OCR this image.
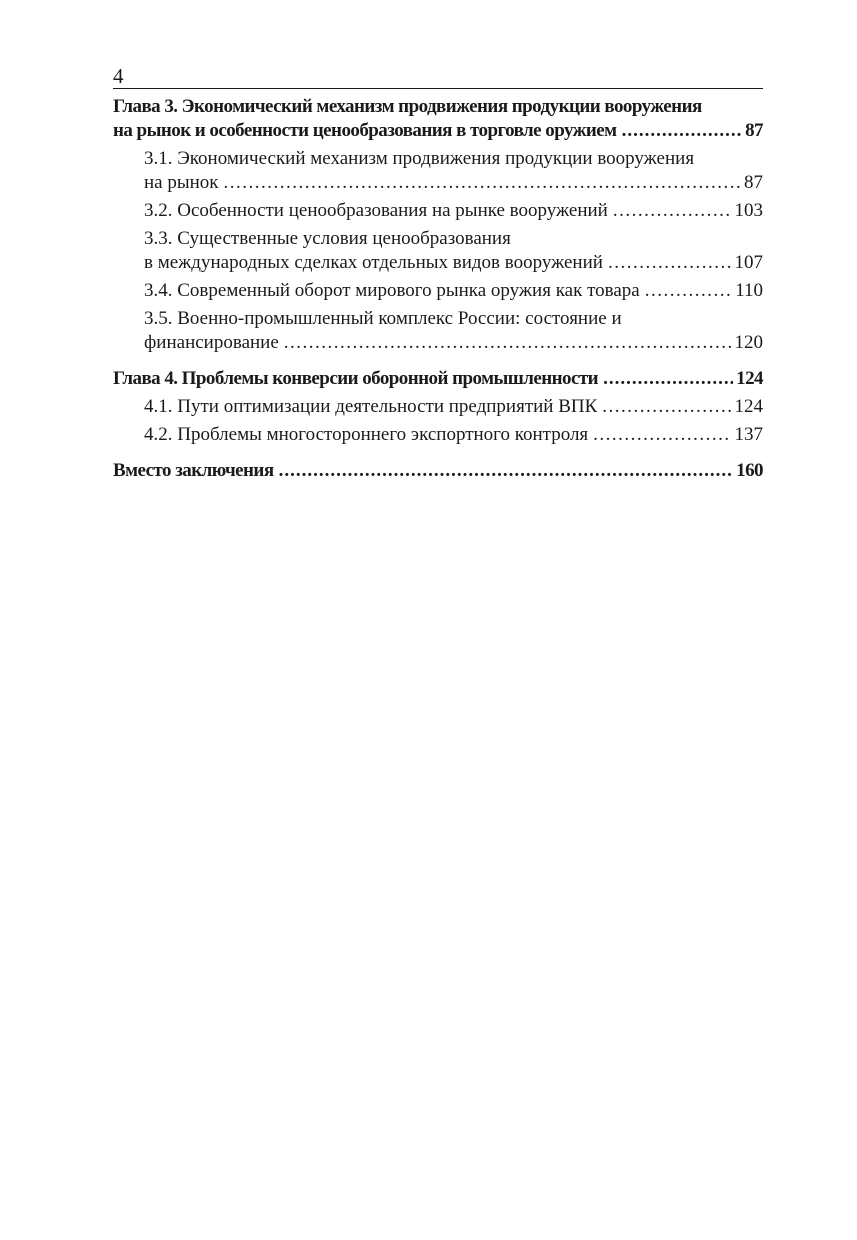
4
Глава 3. Экономический механизм продвижения продукции вооружения
на рынок и особенности ценообразования в торговле оружием .....	87
3.1. Экономический механизм продвижения продукции вооружения
на рынок .....	87
3.2. Особенности ценообразования на рынке вооружений .....	103
3.3. Существенные условия ценообразования
в международных сделках отдельных видов вооружений .....	107
3.4. Современный оборот мирового рынка оружия как товара .....	110
3.5. Военно-промышленный комплекс России: состояние и
финансирование .....	120
Глава 4. Проблемы конверсии оборонной промышленности .....	124
4.1. Пути оптимизации деятельности предприятий ВПК .....	124
4.2. Проблемы многостороннего экспортного контроля .....	137
Вместо заключения .....	160
